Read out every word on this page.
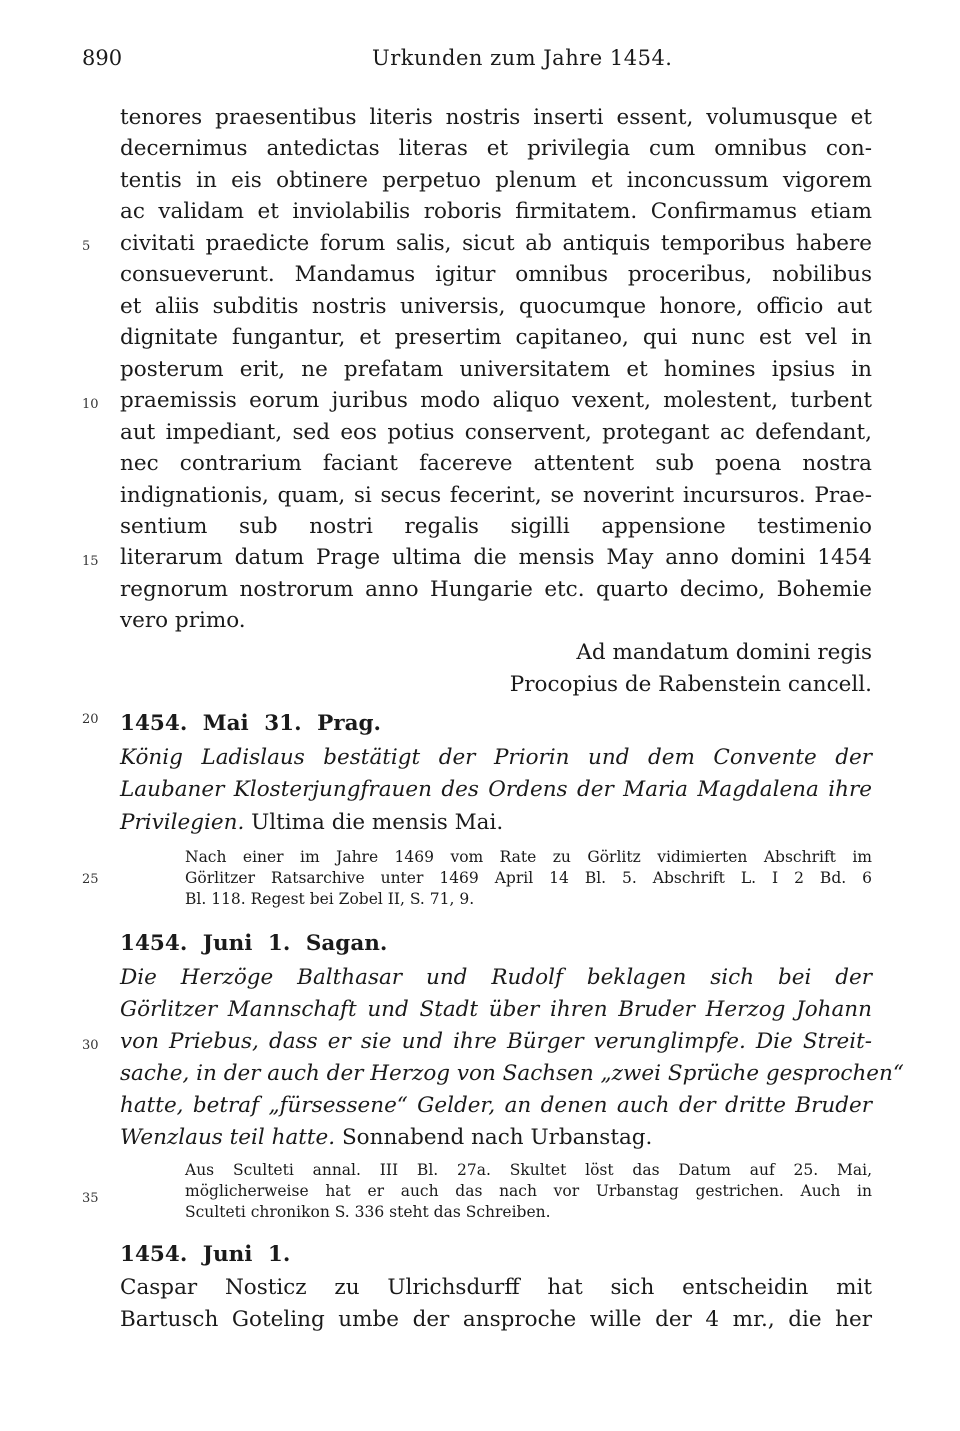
890	Urkunden zum Jahre 1454.
5
10
15
20
25
30
35
tenores praesentibus literis nostris inserti essent, volumusque et
decernimus antedictas literas et privilegia cum omnibus con-
tentis in eis obtinere perpetuo plenum et inconcussum vigorem
ac validam et inviolabilis roboris firmitatem. Confirmamus etiam
civitati praedicte forum salis, sicut ab antiquis temporibus habere
consueverunt. Mandamus igitur omnibus proceribus, nobilibus
et aliis subditis nostris universis, quocumque honore, officio aut
dignitate fungantur, et presertim capitaneo, qui nunc est vel in
posterum erit, ne prefatam universitatem et homines ipsius in
praemissis eorum juribus modo aliquo vexent, molestent, turbent
aut impediant, sed eos potius conservent, protegant ac defendant,
nec contrarium faciant facereve attentent sub poena nostra
indignationis, quam, si secus fecerint, se noverint incursuros. Prae-
sentium sub nostri regalis sigilli appensione testimenio
literarum datum Prage ultima die mensis May anno domini 1454
regnorum nostrorum anno Hungarie etc. quarto decimo, Bohemie
vero primo.
Ad mandatum domini regis
Procopius de Rabenstein cancell.
1454. Mai 31. Prag.
König Ladislaus bestätigt der Priorin und dem Convente der
Laubaner Klosterjungfrauen des Ordens der Maria Magdalena ihre
Privilegien. Ultima die mensis Mai.
Nach einer im Jahre 1469 vom Rate zu Görlitz vidimierten Abschrift im
Görlitzer Ratsarchive unter 1469 April 14 Bl. 5. Abschrift L. I 2 Bd. 6
Bl. 118. Regest bei Zobel II, S. 71, 9.
1454. Juni 1. Sagan.
Die Herzöge Balthasar und Rudolf beklagen sich bei der
Görlitzer Mannschaft und Stadt über ihren Bruder Herzog Johann
von Priebus, dass er sie und ihre Bürger verunglimpfe. Die Streit-
sache, in der auch der Herzog von Sachsen „zwei Sprüche gesprochen“
hatte, betraf „fürsessene“ Gelder, an denen auch der dritte Bruder
Wenzlaus teil hatte. Sonnabend nach Urbanstag.
Aus Sculteti annal. III Bl. 27a. Skultet löst das Datum auf 25. Mai,
möglicherweise hat er auch das nach vor Urbanstag gestrichen. Auch in
Sculteti chronikon S. 336 steht das Schreiben.
1454. Juni 1.
Caspar Nosticz zu Ulrichsdurff hat sich entscheidin mit
Bartusch Goteling umbe der ansproche wille der 4 mr., die her
